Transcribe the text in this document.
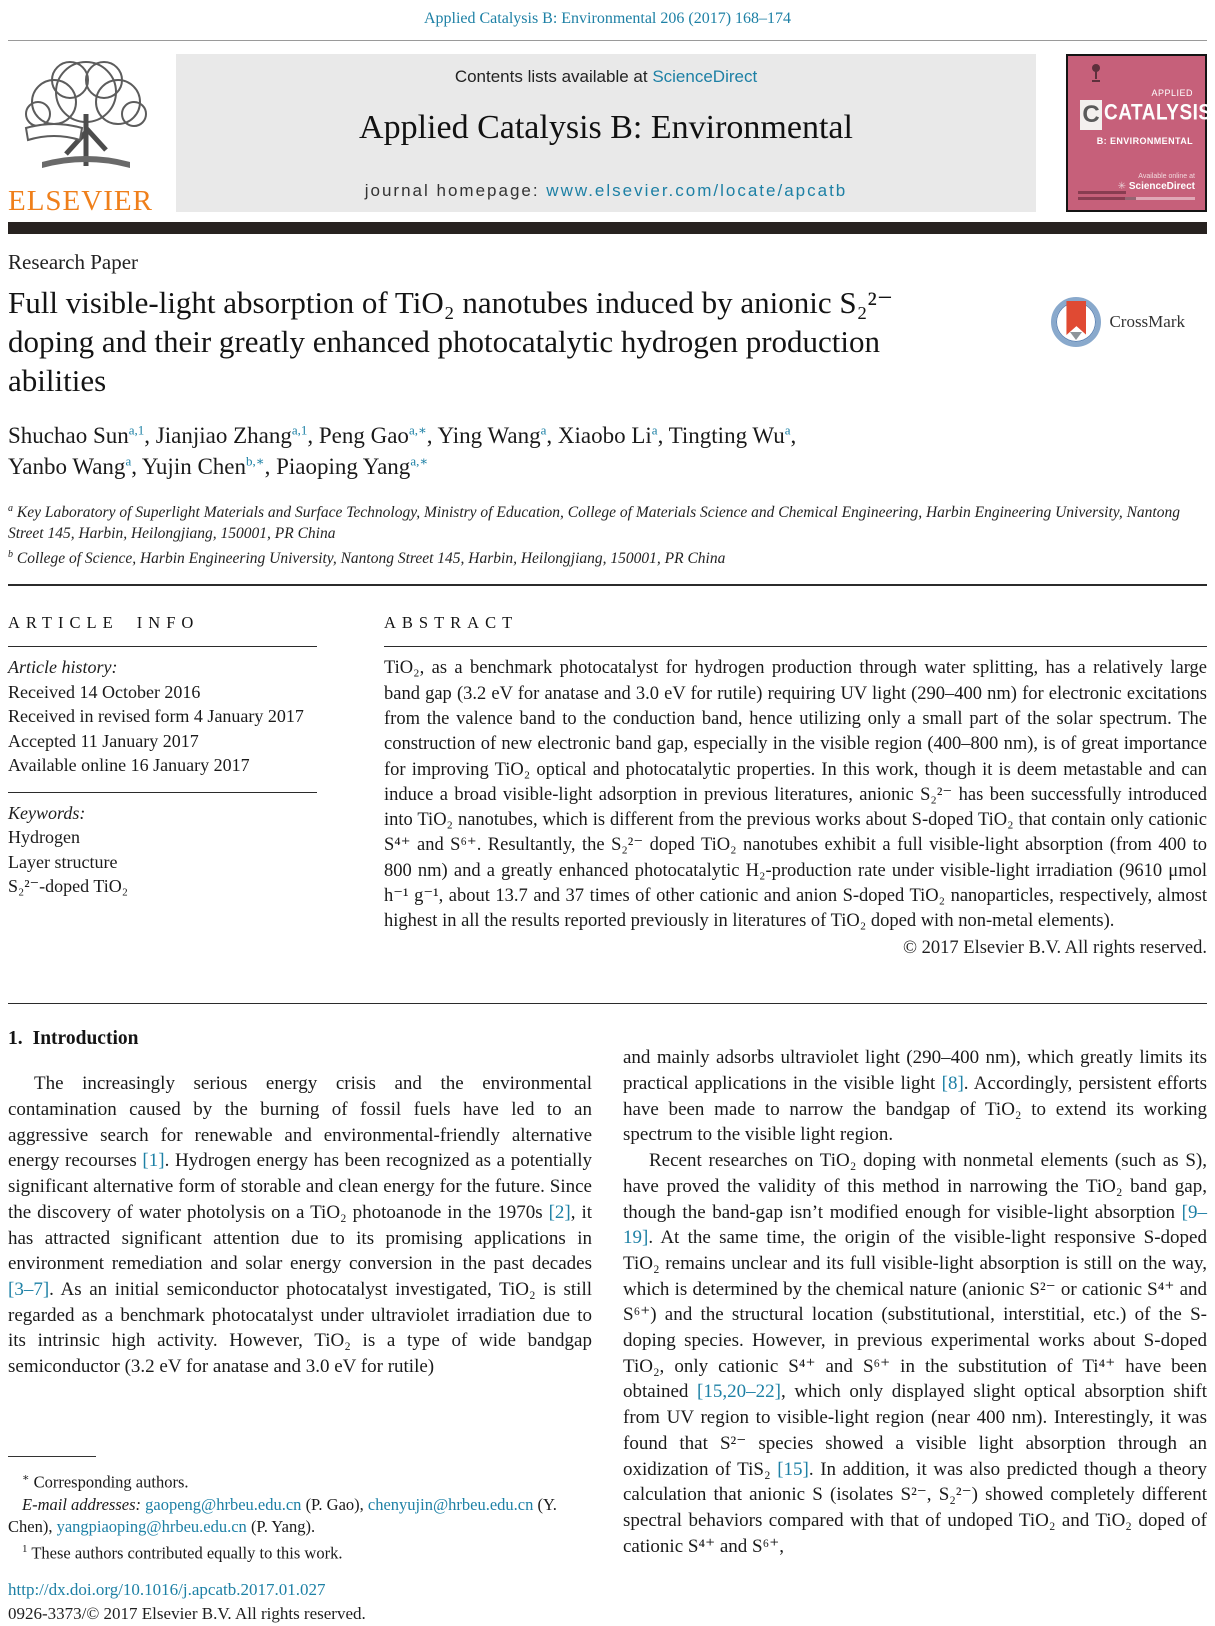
Applied Catalysis B: Environmental 206 (2017) 168–174
ELSEVIER
Contents lists available at ScienceDirect
Applied Catalysis B: Environmental
journal homepage: www.elsevier.com/locate/apcatb
APPLIED
C CATALYSIS
B: ENVIRONMENTAL
Available online at
✳ ScienceDirect
Research Paper
Full visible-light absorption of TiO₂ nanotubes induced by anionic S₂²⁻ doping and their greatly enhanced photocatalytic hydrogen production abilities
CrossMark
Shuchao Sun$^{a,1}$, Jianjiao Zhang$^{a,1}$, Peng Gao$^{a,∗}$, Ying Wang$^a$, Xiaobo Li$^a$, Tingting Wu$^a$,
Yanbo Wang$^a$, Yujin Chen$^{b,∗}$, Piaoping Yang$^{a,∗}$
$^a$ Key Laboratory of Superlight Materials and Surface Technology, Ministry of Education, College of Materials Science and Chemical Engineering, Harbin Engineering University, Nantong Street 145, Harbin, Heilongjiang, 150001, PR China
$^b$ College of Science, Harbin Engineering University, Nantong Street 145, Harbin, Heilongjiang, 150001, PR China
ARTICLE INFO
Article history:
Received 14 October 2016
Received in revised form 4 January 2017
Accepted 11 January 2017
Available online 16 January 2017
Keywords:
Hydrogen
Layer structure
S₂²⁻-doped TiO₂
ABSTRACT

TiO₂, as a benchmark photocatalyst for hydrogen production through water splitting, has a relatively large band gap (3.2 eV for anatase and 3.0 eV for rutile) requiring UV light (290–400 nm) for electronic excitations from the valence band to the conduction band, hence utilizing only a small part of the solar spectrum. The construction of new electronic band gap, especially in the visible region (400–800 nm), is of great importance for improving TiO₂ optical and photocatalytic properties. In this work, though it is deem metastable and can induce a broad visible-light adsorption in previous literatures, anionic S₂²⁻ has been successfully introduced into TiO₂ nanotubes, which is different from the previous works about S-doped TiO₂ that contain only cationic S⁴⁺ and S⁶⁺. Resultantly, the S₂²⁻ doped TiO₂ nanotubes exhibit a full visible-light absorption (from 400 to 800 nm) and a greatly enhanced photocatalytic H₂-production rate under visible-light irradiation (9610 μmol h⁻¹ g⁻¹, about 13.7 and 37 times of other cationic and anion S-doped TiO₂ nanoparticles, respectively, almost highest in all the results reported previously in literatures of TiO₂ doped with non-metal elements).

© 2017 Elsevier B.V. All rights reserved.
1. Introduction

The increasingly serious energy crisis and the environmental contamination caused by the burning of fossil fuels have led to an aggressive search for renewable and environmental-friendly alternative energy recourses [1]. Hydrogen energy has been recognized as a potentially significant alternative form of storable and clean energy for the future. Since the discovery of water photolysis on a TiO₂ photoanode in the 1970s [2], it has attracted significant attention due to its promising applications in environment remediation and solar energy conversion in the past decades [3–7]. As an initial semiconductor photocatalyst investigated, TiO₂ is still regarded as a benchmark photocatalyst under ultraviolet irradiation due to its intrinsic high activity. However, TiO₂ is a type of wide bandgap semiconductor (3.2 eV for anatase and 3.0 eV for rutile)

∗ Corresponding authors.

E-mail addresses: gaopeng@hrbeu.edu.cn (P. Gao), chenyujin@hrbeu.edu.cn (Y. Chen), yangpiaoping@hrbeu.edu.cn (P. Yang).

$^1$ These authors contributed equally to this work.

and mainly adsorbs ultraviolet light (290–400 nm), which greatly limits its practical applications in the visible light [8]. Accordingly, persistent efforts have been made to narrow the bandgap of TiO₂ to extend its working spectrum to the visible light region.

Recent researches on TiO₂ doping with nonmetal elements (such as S), have proved the validity of this method in narrowing the TiO₂ band gap, though the band-gap isn’t modified enough for visible-light absorption [9–19]. At the same time, the origin of the visible-light responsive S-doped TiO₂ remains unclear and its full visible-light absorption is still on the way, which is determined by the chemical nature (anionic S²⁻ or cationic S⁴⁺ and S⁶⁺) and the structural location (substitutional, interstitial, etc.) of the S-doping species. However, in previous experimental works about S-doped TiO₂, only cationic S⁴⁺ and S⁶⁺ in the substitution of Ti⁴⁺ have been obtained [15,20–22], which only displayed slight optical absorption shift from UV region to visible-light region (near 400 nm). Interestingly, it was found that S²⁻ species showed a visible light absorption through an oxidization of TiS₂ [15]. In addition, it was also predicted though a theory calculation that anionic S (isolates S²⁻, S₂²⁻) showed completely different spectral behaviors compared with that of undoped TiO₂ and TiO₂ doped of cationic S⁴⁺ and S⁶⁺,

http://dx.doi.org/10.1016/j.apcatb.2017.01.027
0926-3373/© 2017 Elsevier B.V. All rights reserved.
